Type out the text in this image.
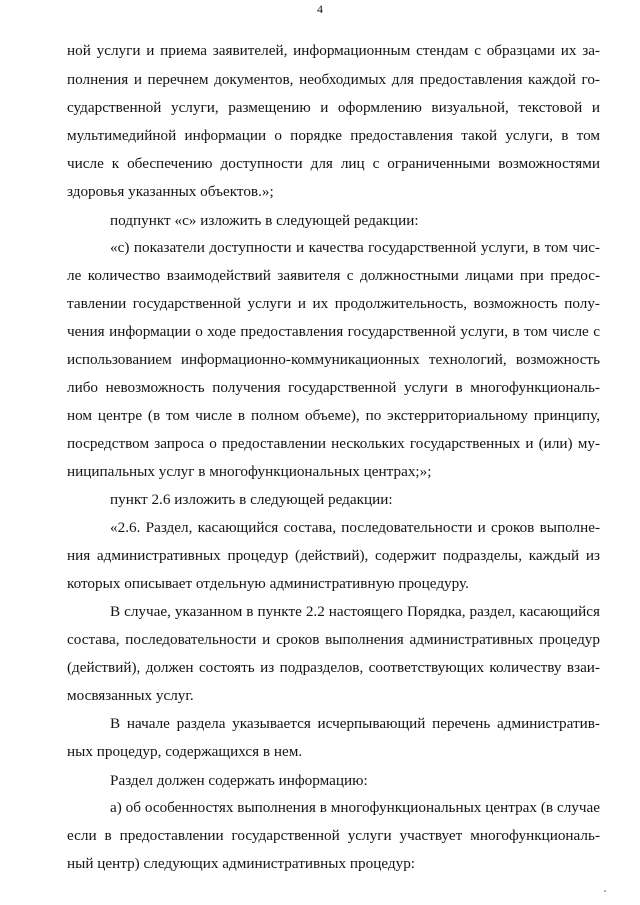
4
ной услуги и приема заявителей, информационным стендам с образцами их за-
полнения и перечнем документов, необходимых для предоставления каждой го-
сударственной услуги, размещению и оформлению визуальной, текстовой и
мультимедийной информации о порядке предоставления такой услуги, в том
числе к обеспечению доступности для лиц с ограниченными возможностями
здоровья указанных объектов.»;
подпункт «с» изложить в следующей редакции:
«с) показатели доступности и качества государственной услуги, в том чис-
ле количество взаимодействий заявителя с должностными лицами при предос-
тавлении государственной услуги и их продолжительность, возможность полу-
чения информации о ходе предоставления государственной услуги, в том числе с
использованием информационно-коммуникационных технологий, возможность
либо невозможность получения государственной услуги в многофункциональ-
ном центре (в том числе в полном объеме), по экстерриториальному принципу,
посредством запроса о предоставлении нескольких государственных и (или) му-
ниципальных услуг в многофункциональных центрах;»;
пункт 2.6 изложить в следующей редакции:
«2.6. Раздел, касающийся состава, последовательности и сроков выполне-
ния административных процедур (действий), содержит подразделы, каждый из
которых описывает отдельную административную процедуру.
В случае, указанном в пункте 2.2 настоящего Порядка, раздел, касающийся
состава, последовательности и сроков выполнения административных процедур
(действий), должен состоять из подразделов, соответствующих количеству взаи-
мосвязанных услуг.
В начале раздела указывается исчерпывающий перечень административ-
ных процедур, содержащихся в нем.
Раздел должен содержать информацию:
а) об особенностях выполнения в многофункциональных центрах (в случае
если в предоставлении государственной услуги участвует многофункциональ-
ный центр) следующих административных процедур:
